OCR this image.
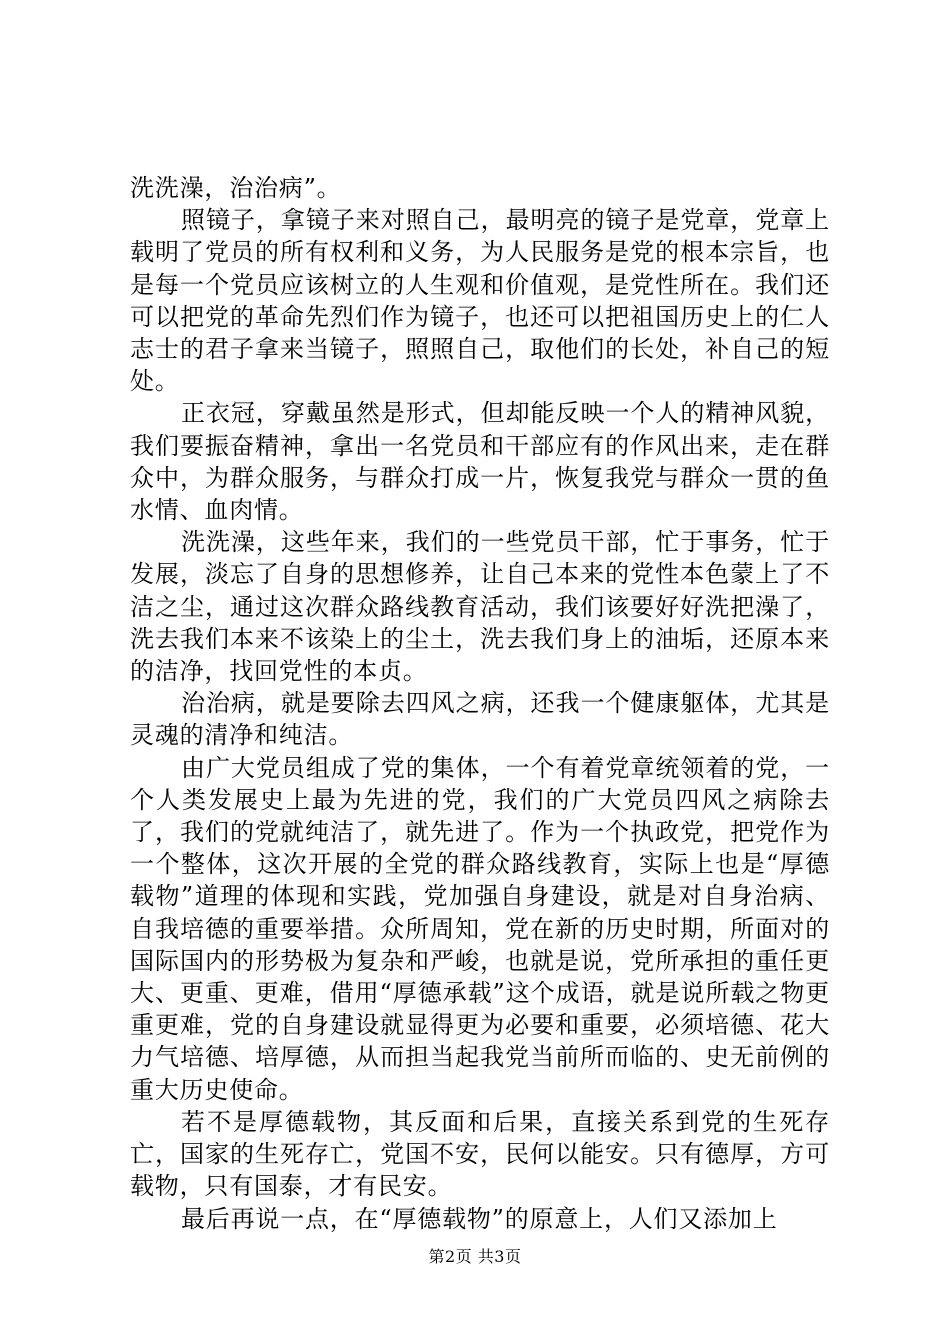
洗洗澡，治治病”。

照镜子，拿镜子来对照自己，最明亮的镜子是党章，党章上载明了党员的所有权利和义务，为人民服务是党的根本宗旨，也是每一个党员应该树立的人生观和价值观，是党性所在。我们还可以把党的革命先烈们作为镜子，也还可以把祖国历史上的仁人志士的君子拿来当镜子，照照自己，取他们的长处，补自己的短处。

正衣冠，穿戴虽然是形式，但却能反映一个人的精神风貌，我们要振奋精神，拿出一名党员和干部应有的作风出来，走在群众中，为群众服务，与群众打成一片，恢复我党与群众一贯的鱼水情、血肉情。

洗洗澡，这些年来，我们的一些党员干部，忙于事务，忙于发展，淡忘了自身的思想修养，让自己本来的党性本色蒙上了不洁之尘，通过这次群众路线教育活动，我们该要好好洗把澡了，洗去我们本来不该染上的尘土，洗去我们身上的油垢，还原本来的洁净，找回党性的本贞。

治治病，就是要除去四风之病，还我一个健康躯体，尤其是灵魂的清净和纯洁。

由广大党员组成了党的集体，一个有着党章统领着的党，一个人类发展史上最为先进的党，我们的广大党员四风之病除去了，我们的党就纯洁了，就先进了。作为一个执政党，把党作为一个整体，这次开展的全党的群众路线教育，实际上也是“厚德载物”道理的体现和实践，党加强自身建设，就是对自身治病、自我培德的重要举措。众所周知，党在新的历史时期，所面对的国际国内的形势极为复杂和严峻，也就是说，党所承担的重任更大、更重、更难，借用“厚德承载”这个成语，就是说所载之物更重更难，党的自身建设就显得更为必要和重要，必须培德、花大力气培德、培厚德，从而担当起我党当前所而临的、史无前例的重大历史使命。

若不是厚德载物，其反面和后果，直接关系到党的生死存亡，国家的生死存亡，党国不安，民何以能安。只有德厚，方可载物，只有国泰，才有民安。

最后再说一点，在“厚德载物”的原意上，人们又添加上

第2页 共3页
